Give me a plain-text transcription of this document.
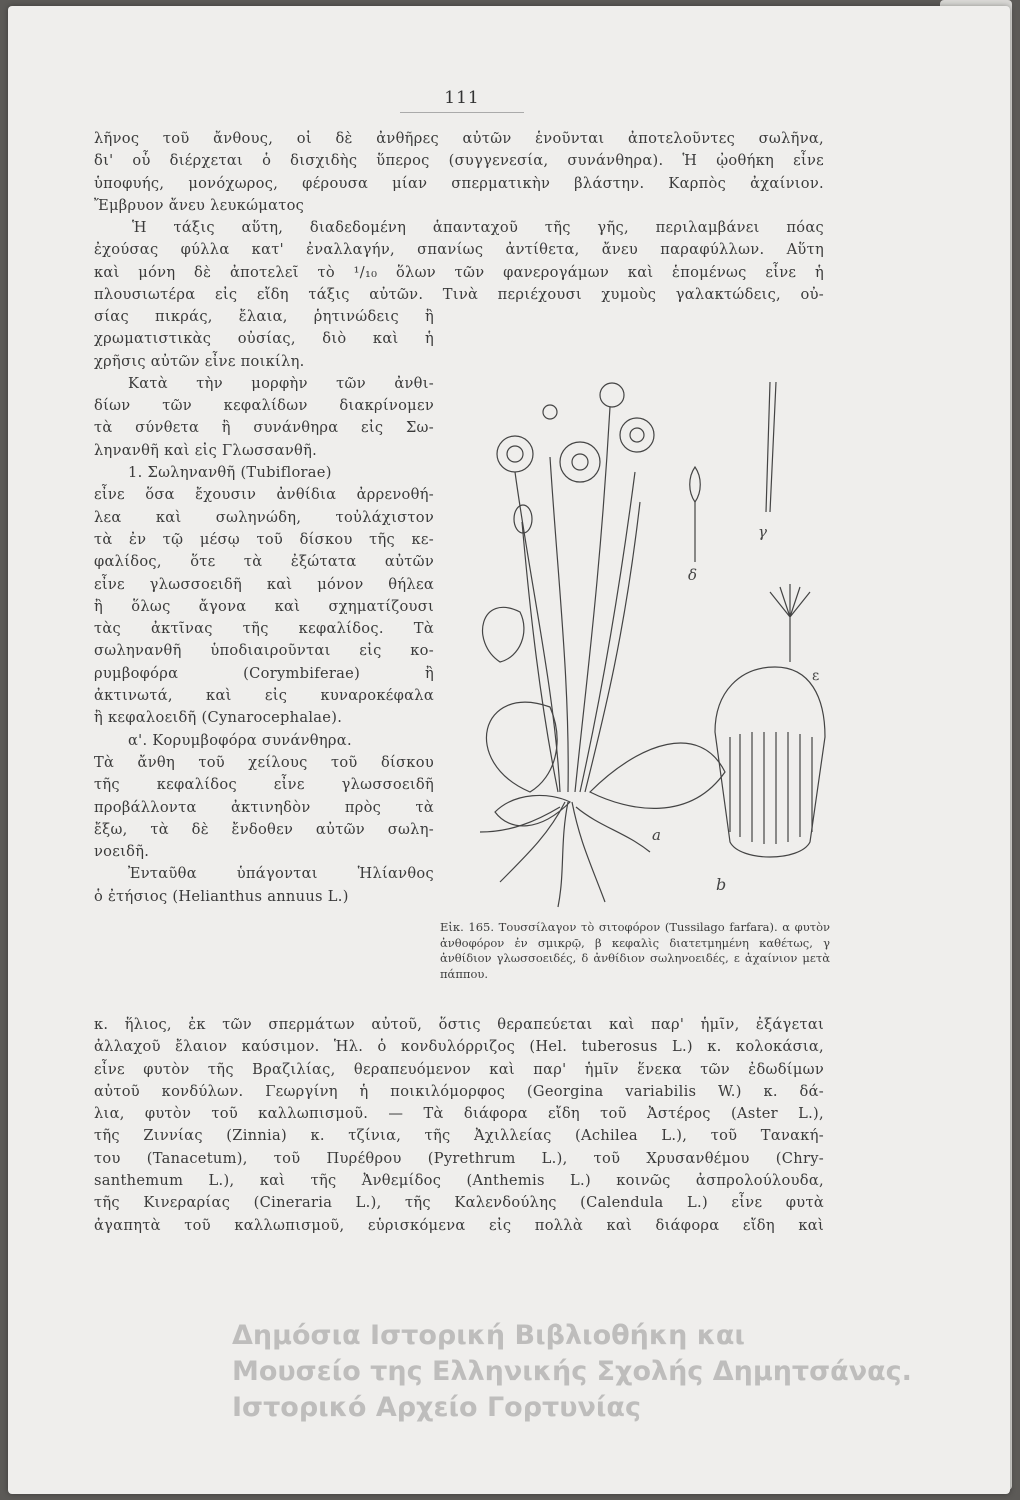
111
λῆνος τοῦ ἄνθους, οἱ δὲ ἀνθῆρες αὐτῶν ἑνοῦνται ἀποτελοῦντες σωλῆνα,
δι' οὗ διέρχεται ὁ δισχιδὴς ὕπερος (συγγενεσία, συνάνθηρα). Ἡ ᾠοθήκη εἶνε
ὑποφυής, μονόχωρος, φέρουσα μίαν σπερματικὴν βλάστην. Καρπὸς ἀχαίνιον.
Ἔμβρυον ἄνευ λευκώματος
Ἡ τάξις αὕτη, διαδεδομένη ἁπανταχοῦ τῆς γῆς, περιλαμβάνει πόας
ἐχούσας φύλλα κατ' ἐναλλαγήν, σπανίως ἀντίθετα, ἄνευ παραφύλλων. Αὕτη
καὶ μόνη δὲ ἀποτελεῖ τὸ ¹/₁₀ ὅλων τῶν φανερογάμων καὶ ἑπομένως εἶνε ἡ
πλουσιωτέρα εἰς εἴδη τάξις αὐτῶν. Τινὰ περιέχουσι χυμοὺς γαλακτώδεις, οὐ-
σίας πικράς, ἔλαια, ῥητινώδεις ἢ
χρωματιστικὰς οὐσίας, διὸ καὶ ἡ
χρῆσις αὐτῶν εἶνε ποικίλη.
Κατὰ τὴν μορφὴν τῶν ἀνθι-
δίων τῶν κεφαλίδων διακρίνομεν
τὰ σύνθετα ἢ συνάνθηρα εἰς Σω-
ληνανθῆ καὶ εἰς Γλωσσανθῆ.
1. Σωληνανθῆ (Tubiflorae)
εἶνε ὅσα ἔχουσιν ἀνθίδια ἀρρενοθή-
λεα καὶ σωληνώδη, τοὐλάχιστον
τὰ ἐν τῷ μέσῳ τοῦ δίσκου τῆς κε-
φαλίδος, ὅτε τὰ ἐξώτατα αὐτῶν
εἶνε γλωσσοειδῆ καὶ μόνον θήλεα
ἢ ὅλως ἄγονα καὶ σχηματίζουσι
τὰς ἀκτῖνας τῆς κεφαλίδος. Τὰ
σωληνανθῆ ὑποδιαιροῦνται εἰς κο-
ρυμβοφόρα (Corymbiferae) ἢ
ἀκτινωτά, καὶ εἰς κυναροκέφαλα
ἢ κεφαλοειδῆ (Cynarocephalae).
α'. Κορυμβοφόρα συνάνθηρα.
Τὰ ἄνθη τοῦ χείλους τοῦ δίσκου
τῆς κεφαλίδος εἶνε γλωσσοειδῆ
προβάλλοντα ἀκτινηδὸν πρὸς τὰ
ἔξω, τὰ δὲ ἔνδοθεν αὐτῶν σωλη-
νοειδῆ.
Ἐνταῦθα ὑπάγονται Ἡλίανθος
ὁ ἐτήσιος (Helianthus annuus L.)
a
b
δ
γ
ε
Εἰκ. 165. Τουσσίλαγον τὸ σιτοφόρον (Tussilago farfara). α φυτὸν ἀνθοφόρον ἐν σμικρῷ, β κεφαλὶς διατετμημένη καθέτως, γ ἀνθίδιον γλωσσοειδές, δ ἀνθίδιον σωληνοειδές, ε ἀχαίνιον μετὰ πάππου.
κ. ἥλιος, ἐκ τῶν σπερμάτων αὐτοῦ, ὅστις θεραπεύεται καὶ παρ' ἡμῖν, ἐξάγεται
ἀλλαχοῦ ἔλαιον καύσιμον. Ἡλ. ὁ κονδυλόρριζος (Hel. tuberosus L.) κ. κολοκάσια,
εἶνε φυτὸν τῆς Βραζιλίας, θεραπευόμενον καὶ παρ' ἡμῖν ἕνεκα τῶν ἐδωδίμων
αὐτοῦ κονδύλων. Γεωργίνη ἡ ποικιλόμορφος (Georgina variabilis W.) κ. δά-
λια, φυτὸν τοῦ καλλωπισμοῦ. — Τὰ διάφορα εἴδη τοῦ Ἀστέρος (Aster L.),
τῆς Ζιννίας (Zinnia) κ. τζίνια, τῆς Ἀχιλλείας (Achilea L.), τοῦ Τανακή-
του (Tanacetum), τοῦ Πυρέθρου (Pyrethrum L.), τοῦ Χρυσανθέμου (Chry-
santhemum L.), καὶ τῆς Ἀνθεμίδος (Anthemis L.) κοινῶς ἀσπρολούλουδα,
τῆς Κινεραρίας (Cineraria L.), τῆς Καλενδούλης (Calendula L.) εἶνε φυτὰ
ἀγαπητὰ τοῦ καλλωπισμοῦ, εὑρισκόμενα εἰς πολλὰ καὶ διάφορα εἴδη καὶ
Δημόσια Ιστορική Βιβλιοθήκη και
Μουσείο της Ελληνικής Σχολής Δημητσάνας.
Ιστορικό Αρχείο Γορτυνίας
